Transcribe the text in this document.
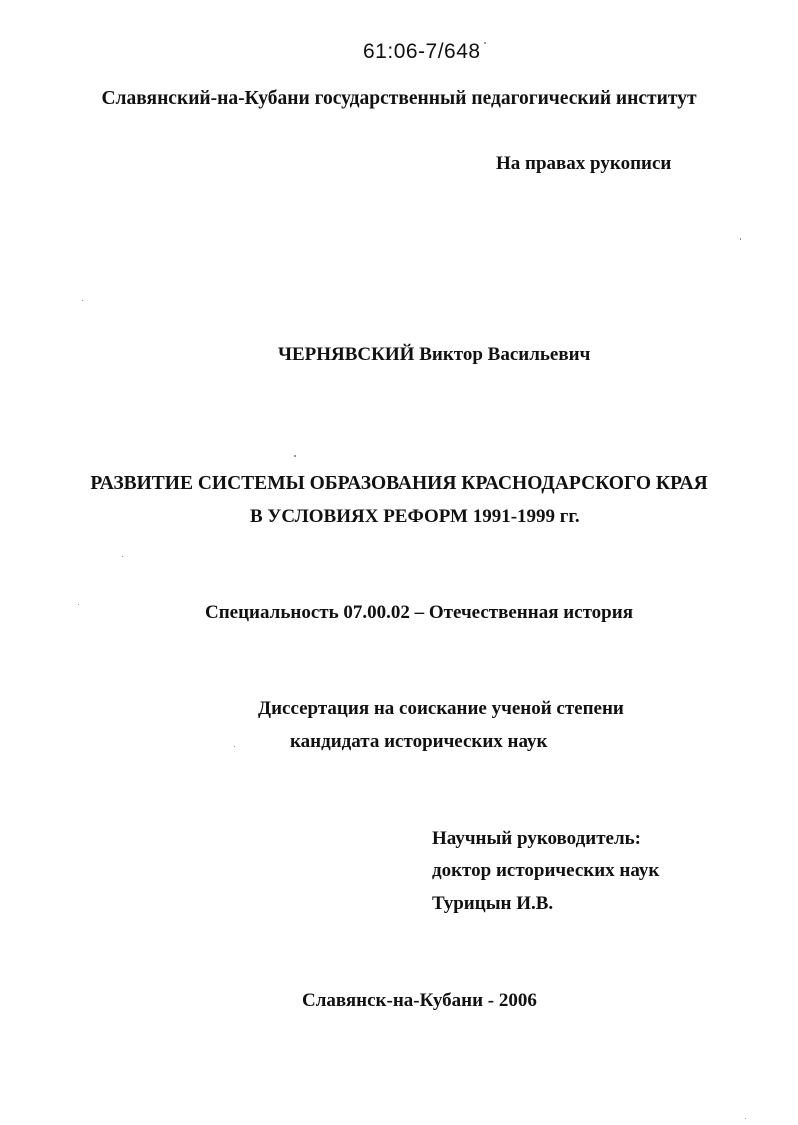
61:06-7/648
Славянский-на-Кубани государственный педагогический институт
На правах рукописи
ЧЕРНЯВСКИЙ Виктор Васильевич
РАЗВИТИЕ СИСТЕМЫ ОБРАЗОВАНИЯ КРАСНОДАРСКОГО КРАЯ
В УСЛОВИЯХ РЕФОРМ 1991-1999 гг.
Специальность 07.00.02 – Отечественная история
Диссертация на соискание ученой степени
кандидата исторических наук
Научный руководитель:
доктор исторических наук
Турицын И.В.
Славянск-на-Кубани - 2006
